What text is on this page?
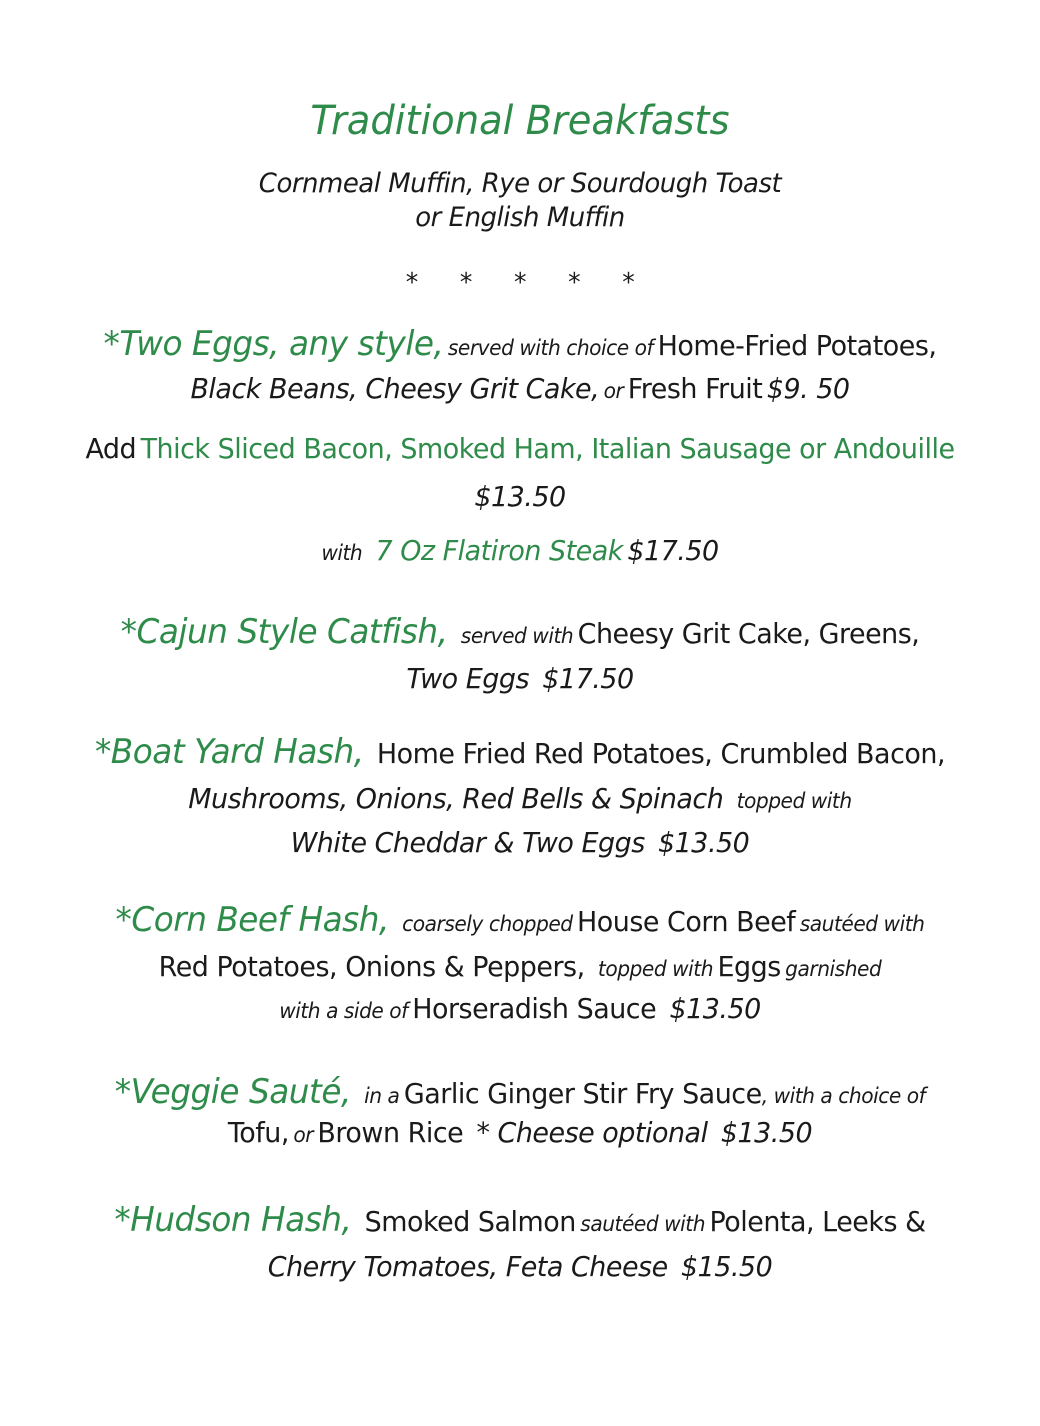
Traditional Breakfasts
Cornmeal Muffin, Rye or Sourdough Toast
or English Muffin
* * * * *
*Two Eggs, any style, served with choice of Home-Fried Potatoes,
Black Beans, Cheesy Grit Cake, or Fresh Fruit $9. 50
Add Thick Sliced Bacon, Smoked Ham, Italian Sausage or Andouille
$13.50
with 7 Oz Flatiron Steak $17.50
*Cajun Style Catfish, served with Cheesy Grit Cake, Greens,
Two Eggs $17.50
*Boat Yard Hash, Home Fried Red Potatoes, Crumbled Bacon,
Mushrooms, Onions, Red Bells & Spinach topped with
White Cheddar & Two Eggs $13.50
*Corn Beef Hash, coarsely chopped House Corn Beef sautéed with
Red Potatoes, Onions & Peppers, topped with Eggs garnished
with a side of Horseradish Sauce $13.50
*Veggie Sauté, in a Garlic Ginger Stir Fry Sauce, with a choice of
Tofu, or Brown Rice * Cheese optional $13.50
*Hudson Hash, Smoked Salmon sautéed with Polenta, Leeks &
Cherry Tomatoes, Feta Cheese $15.50
